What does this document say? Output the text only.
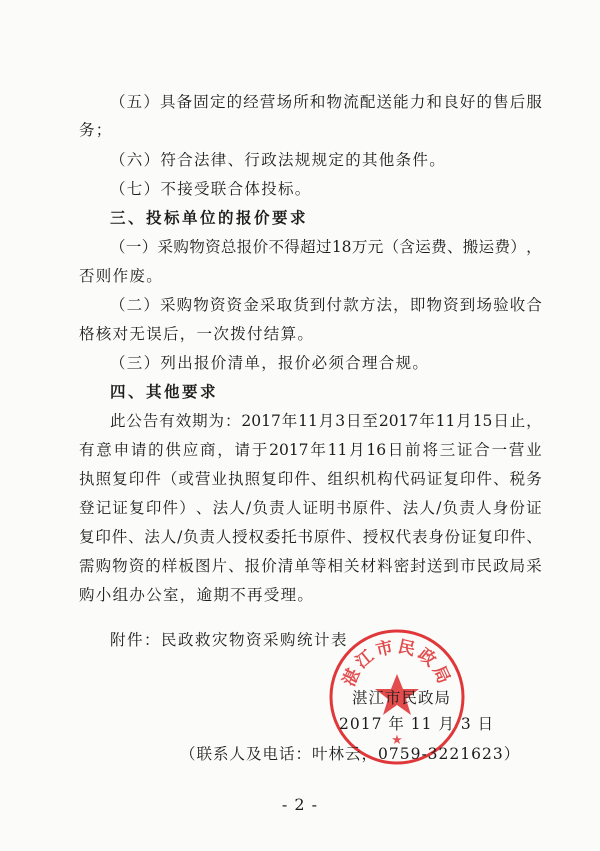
（ 五 ） 具 备 固 定 的 经 营 场 所 和 物 流 配 送 能 力 和 良 好 的 售 后 服
务；
（六）符合法律、行政法规规定的其他条件。
（七）不接受联合体投标。
三、投标单位的报价要求
（ 一 ） 采 购 物 资 总 报 价 不 得 超 过 18 万 元 （ 含 运 费 、 搬 运 费 ） ，
否则作废。
（ 二 ） 采 购 物 资 资 金 采 取 货 到 付 款 方 法 ， 即 物 资 到 场 验 收 合
格核对无误后，一次拨付结算。
（三）列出报价清单，报价必须合理合规。
四、其他要求
此 公 告 有 效 期 为 ： 2017 年 11 月 3 日 至 2017 年 11 月 15 日 止 ，
有 意 申 请 的 供 应 商 ， 请 于 2017 年 11 月 16 日 前 将 三 证 合 一 营 业
执 照 复 印 件 （ 或 营 业 执 照 复 印 件 、 组 织 机 构 代 码 证 复 印 件 、 税 务
登 记 证 复 印 件 ） 、 法 人 / 负 责 人 证 明 书 原 件 、 法 人 / 负 责 人 身 份 证
复 印 件 、 法 人 / 负 责 人 授 权 委 托 书 原 件 、 授 权 代 表 身 份 证 复 印 件 、
需 购 物 资 的 样 板 图 片 、 报 价 清 单 等 相 关 材 料 密 封 送 到 市 民 政 局 采
购小组办公室，逾期不再受理。
附件：民政救灾物资采购统计表
湛江市民政局
★
湛江市民政局
2017 年 11 月 3 日
（联系人及电话：叶林云，0759-3221623）
- 2 -
